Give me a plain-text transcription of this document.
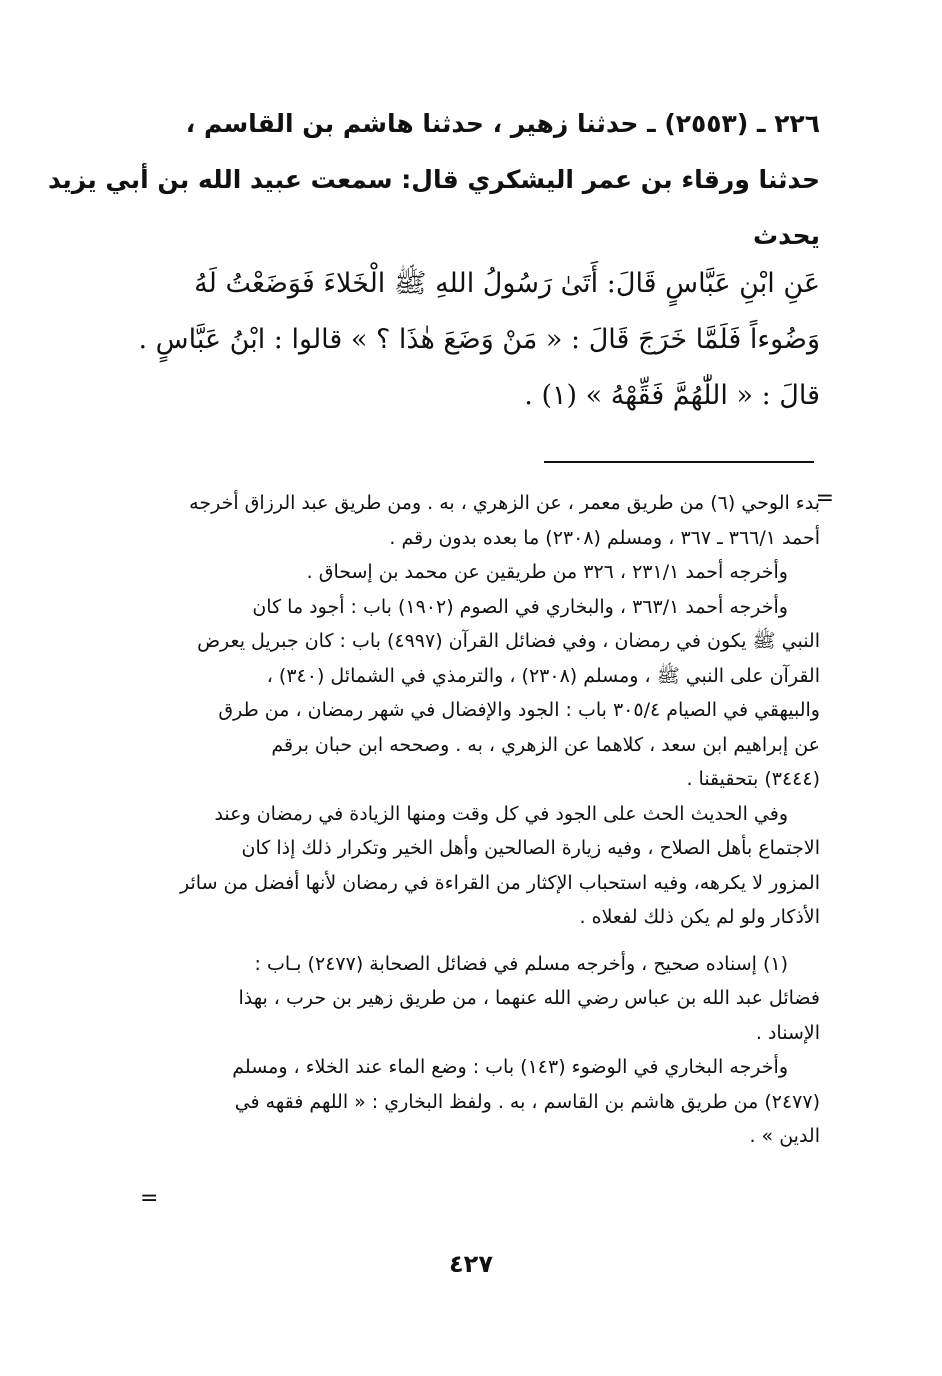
٢٢٦ ـ (٢٥٥٣) ـ حدثنا زهير ، حدثنا هاشم بن القاسم ،
حدثنا ورقاء بن عمر اليشكري قال: سمعت عبيد الله بن أبي يزيد
يحدث
عَنِ ابْنِ عَبَّاسٍ قَالَ: أَتَىٰ رَسُولُ اللهِ ﷺ الْخَلاءَ فَوَضَعْتُ لَهُ
وَضُوءاً فَلَمَّا خَرَجَ قَالَ : « مَنْ وَضَعَ هٰذَا ؟ » قالوا : ابْنُ عَبَّاسٍ .
قالَ : « اللّٰهُمَّ فَقِّهْهُ » (١) .
=
بدء الوحي (٦) من طريق معمر ، عن الزهري ، به . ومن طريق عبد الرزاق أخرجه
أحمد ٣٦٦/١ ـ ٣٦٧ ، ومسلم (٢٣٠٨) ما بعده بدون رقم .
وأخرجه أحمد ٢٣١/١ ، ٣٢٦ من طريقين عن محمد بن إسحاق .
وأخرجه أحمد ٣٦٣/١ ، والبخاري في الصوم (١٩٠٢) باب : أجود ما كان
النبي ﷺ يكون في رمضان ، وفي فضائل القرآن (٤٩٩٧) باب : كان جبريل يعرض
القرآن على النبي ﷺ ، ومسلم (٢٣٠٨) ، والترمذي في الشمائل (٣٤٠) ،
والبيهقي في الصيام ٣٠٥/٤ باب : الجود والإفضال في شهر رمضان ، من طرق
عن إبراهيم ابن سعد ، كلاهما عن الزهري ، به . وصححه ابن حبان برقم
(٣٤٤٤) بتحقيقنا .
وفي الحديث الحث على الجود في كل وقت ومنها الزيادة في رمضان وعند
الاجتماع بأهل الصلاح ، وفيه زيارة الصالحين وأهل الخير وتكرار ذلك إذا كان
المزور لا يكرهه، وفيه استحباب الإكثار من القراءة في رمضان لأنها أفضل من سائر
الأذكار ولو لم يكن ذلك لفعلاه .
(١) إسناده صحيح ، وأخرجه مسلم في فضائل الصحابة (٢٤٧٧) بـاب :
فضائل عبد الله بن عباس رضي الله عنهما ، من طريق زهير بن حرب ، بهذا
الإسناد .
وأخرجه البخاري في الوضوء (١٤٣) باب : وضع الماء عند الخلاء ، ومسلم
(٢٤٧٧) من طريق هاشم بن القاسم ، به . ولفظ البخاري : « اللهم فقهه في
الدين » .
=
٤٢٧
